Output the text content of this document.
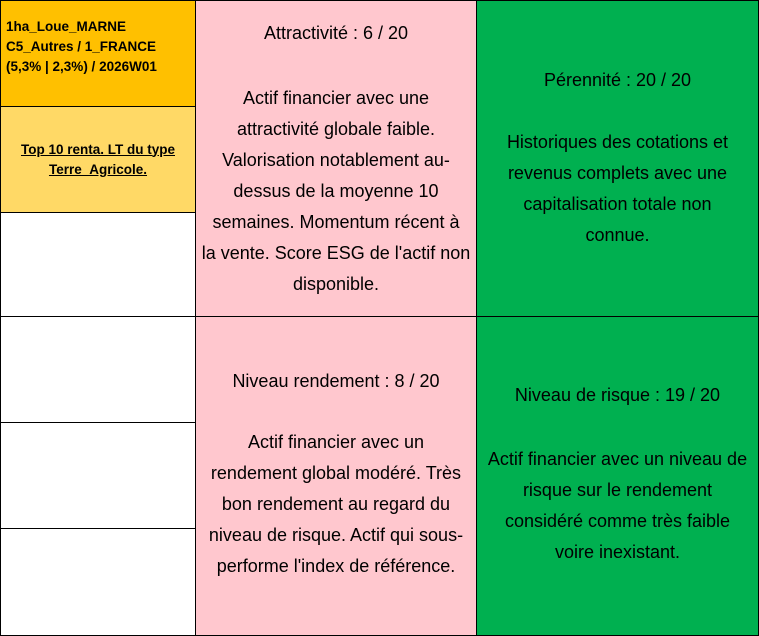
1ha_Loue_MARNE
C5_Autres / 1_FRANCE
(5,3% | 2,3%) / 2026W01
Top 10 renta. LT du type
Terre_Agricole.
Attractivité : 6 / 20
Actif financier avec une
attractivité globale faible.
Valorisation notablement au-
dessus de la moyenne 10
semaines. Momentum récent à
la vente. Score ESG de l'actif non
disponible.
Pérennité : 20 / 20
Historiques des cotations et
revenus complets avec une
capitalisation totale non
connue.
Niveau rendement : 8 / 20
Actif financier avec un
rendement global modéré. Très
bon rendement au regard du
niveau de risque. Actif qui sous-
performe l'index de référence.
Niveau de risque : 19 / 20
Actif financier avec un niveau de
risque sur le rendement
considéré comme très faible
voire inexistant.
